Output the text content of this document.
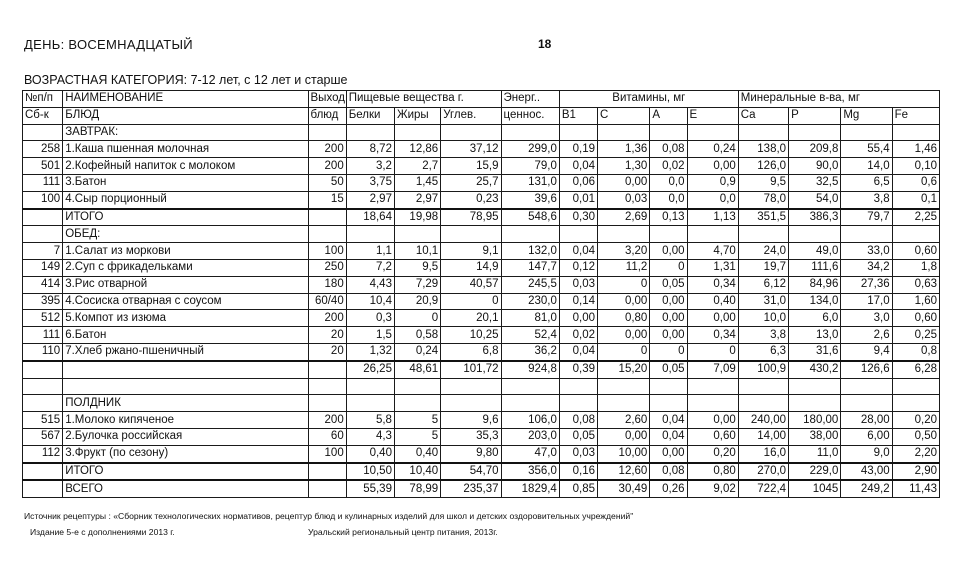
ДЕНЬ: ВОСЕМНАДЦАТЫЙ	18
ВОЗРАСТНАЯ КАТЕГОРИЯ: 7-12 лет, с 12 лет и старше
№п/п	НАИМЕНОВАНИЕ	Выход	Пищевые вещества г.			Энерг..	Витамины, мг				Минеральные в-ва, мг			
Сб-к	БЛЮД	блюд	Белки	Жиры	Углев.	ценнос.	B1	C	A	E	Ca	P	Mg	Fe
	ЗАВТРАК:													
258	1.Каша пшенная молочная	200	8,72	12,86	37,12	299,0	0,19	1,36	0,08	0,24	138,0	209,8	55,4	1,46
501	2.Кофейный напиток с молоком	200	3,2	2,7	15,9	79,0	0,04	1,30	0,02	0,00	126,0	90,0	14,0	0,10
111	3.Батон	50	3,75	1,45	25,7	131,0	0,06	0,00	0,0	0,9	9,5	32,5	6,5	0,6
100	4.Сыр порционный	15	2,97	2,97	0,23	39,6	0,01	0,03	0,0	0,0	78,0	54,0	3,8	0,1
	ИТОГО		18,64	19,98	78,95	548,6	0,30	2,69	0,13	1,13	351,5	386,3	79,7	2,25
	ОБЕД:													
7	1.Салат из моркови	100	1,1	10,1	9,1	132,0	0,04	3,20	0,00	4,70	24,0	49,0	33,0	0,60
149	2.Суп с фрикадельками	250	7,2	9,5	14,9	147,7	0,12	11,2	0	1,31	19,7	111,6	34,2	1,8
414	3.Рис отварной	180	4,43	7,29	40,57	245,5	0,03	0	0,05	0,34	6,12	84,96	27,36	0,63
395	4.Сосиска отварная с соусом	60/40	10,4	20,9	0	230,0	0,14	0,00	0,00	0,40	31,0	134,0	17,0	1,60
512	5.Компот из изюма	200	0,3	0	20,1	81,0	0,00	0,80	0,00	0,00	10,0	6,0	3,0	0,60
111	6.Батон	20	1,5	0,58	10,25	52,4	0,02	0,00	0,00	0,34	3,8	13,0	2,6	0,25
110	7.Хлеб ржано-пшеничный	20	1,32	0,24	6,8	36,2	0,04	0	0	0	6,3	31,6	9,4	0,8
			26,25	48,61	101,72	924,8	0,39	15,20	0,05	7,09	100,9	430,2	126,6	6,28

	ПОЛДНИК													
515	1.Молоко кипяченое	200	5,8	5	9,6	106,0	0,08	2,60	0,04	0,00	240,00	180,00	28,00	0,20
567	2.Булочка российская	60	4,3	5	35,3	203,0	0,05	0,00	0,04	0,60	14,00	38,00	6,00	0,50
112	3.Фрукт (по сезону)	100	0,40	0,40	9,80	47,0	0,03	10,00	0,00	0,20	16,0	11,0	9,0	2,20
	ИТОГО		10,50	10,40	54,70	356,0	0,16	12,60	0,08	0,80	270,0	229,0	43,00	2,90
	ВСЕГО		55,39	78,99	235,37	1829,4	0,85	30,49	0,26	9,02	722,4	1045	249,2	11,43
Источник рецептуры : «Сборник технологических нормативов, рецептур блюд и кулинарных изделий для школ и детских оздоровительных учреждений"
Издание 5-е с дополнениями 2013 г.	Уральский региональный центр питания, 2013г.
